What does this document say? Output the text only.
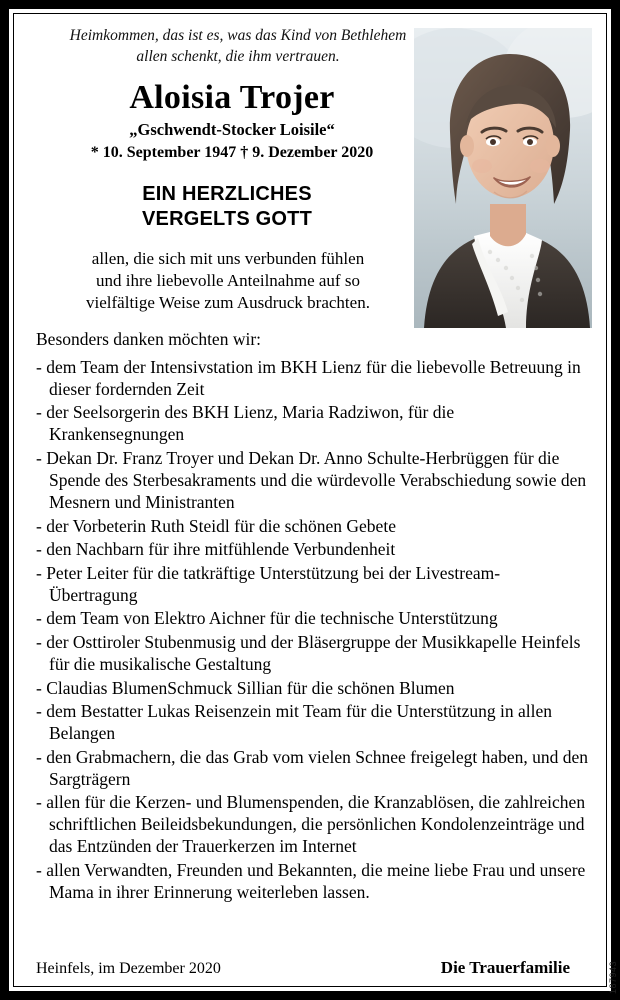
Heimkommen, das ist es, was das Kind von Bethlehem
allen schenkt, die ihm vertrauen.
Aloisia Trojer
„Gschwendt-Stocker Loisile“
* 10. September 1947 † 9. Dezember 2020
EIN HERZLICHES
VERGELTS GOTT
allen, die sich mit uns verbunden fühlen
und ihre liebevolle Anteilnahme auf so
vielfältige Weise zum Ausdruck brachten.
Besonders danken möchten wir:
- dem Team der Intensivstation im BKH Lienz für die liebevolle Betreuung in dieser fordernden Zeit
- der Seelsorgerin des BKH Lienz, Maria Radziwon, für die Krankensegnungen
- Dekan Dr. Franz Troyer und Dekan Dr. Anno Schulte-Herbrüggen für die Spende des Sterbesakraments und die würdevolle Verabschiedung sowie den Mesnern und Ministranten
- der Vorbeterin Ruth Steidl für die schönen Gebete
- den Nachbarn für ihre mitfühlende Verbundenheit
- Peter Leiter für die tatkräftige Unterstützung bei der Livestream-Übertragung
- dem Team von Elektro Aichner für die technische Unterstützung
- der Osttiroler Stubenmusig und der Bläsergruppe der Musikkapelle Heinfels für die musikalische Gestaltung
- Claudias BlumenSchmuck Sillian für die schönen Blumen
- dem Bestatter Lukas Reisenzein mit Team für die Unterstützung in allen Belangen
- den Grabmachern, die das Grab vom vielen Schnee freigelegt haben, und den Sargträgern
- allen für die Kerzen- und Blumenspenden, die Kranzablösen, die zahlreichen schriftlichen Beileidsbekundungen, die persönlichen Kondolenzeinträge und das Entzünden der Trauerkerzen im Internet
- allen Verwandten, Freunden und Bekannten, die meine liebe Frau und unsere Mama in ihrer Erinnerung weiterleben lassen.
Heinfels, im Dezember 2020	Die Trauerfamilie	187943
